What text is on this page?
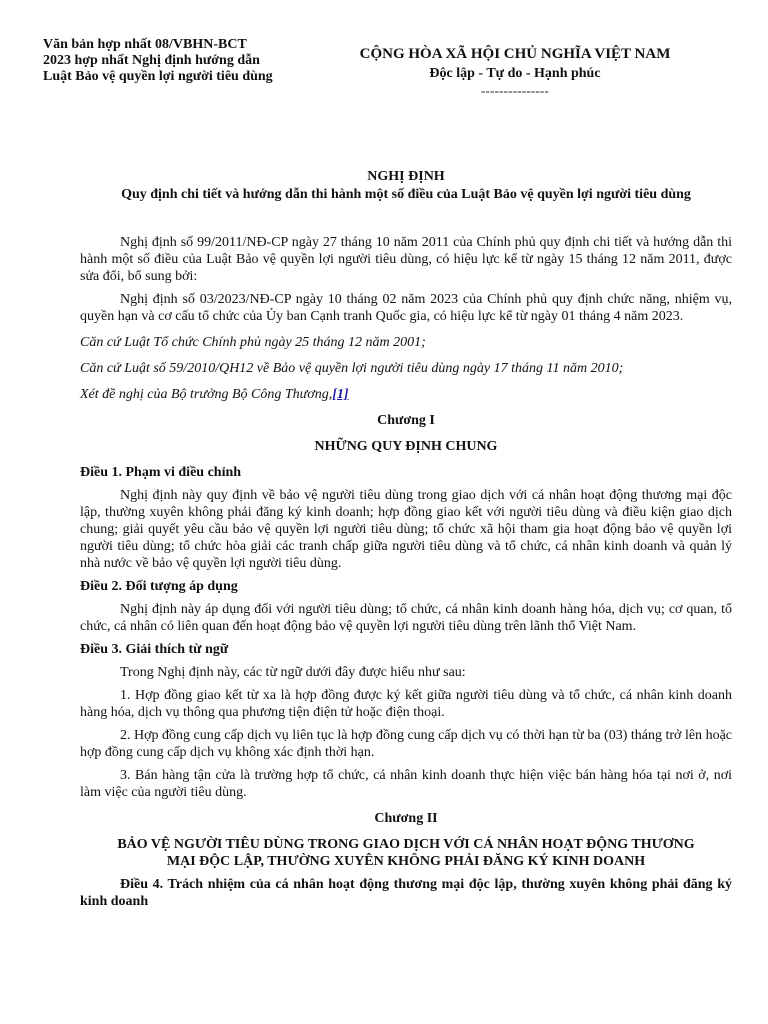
Văn bản hợp nhất 08/VBHN-BCT
2023 hợp nhất Nghị định hướng dẫn
Luật Bảo vệ quyền lợi người tiêu dùng
CỘNG HÒA XÃ HỘI CHỦ NGHĨA VIỆT NAM
Độc lập - Tự do - Hạnh phúc
---------------
NGHỊ ĐỊNH
Quy định chi tiết và hướng dẫn thi hành một số điều của Luật Bảo vệ quyền lợi người tiêu dùng

Nghị định số 99/2011/NĐ-CP ngày 27 tháng 10 năm 2011 của Chính phủ quy định chi tiết và hướng dẫn thi hành một số điều của Luật Bảo vệ quyền lợi người tiêu dùng, có hiệu lực kể từ ngày 15 tháng 12 năm 2011, được sửa đổi, bổ sung bởi:

Nghị định số 03/2023/NĐ-CP ngày 10 tháng 02 năm 2023 của Chính phủ quy định chức năng, nhiệm vụ, quyền hạn và cơ cấu tổ chức của Ủy ban Cạnh tranh Quốc gia, có hiệu lực kể từ ngày 01 tháng 4 năm 2023.

Căn cứ Luật Tổ chức Chính phủ ngày 25 tháng 12 năm 2001;

Căn cứ Luật số 59/2010/QH12 về Bảo vệ quyền lợi người tiêu dùng ngày 17 tháng 11 năm 2010;

Xét đề nghị của Bộ trưởng Bộ Công Thương,[1]

Chương I

NHỮNG QUY ĐỊNH CHUNG

Điều 1. Phạm vi điều chỉnh

Nghị định này quy định về bảo vệ người tiêu dùng trong giao dịch với cá nhân hoạt động thương mại độc lập, thường xuyên không phải đăng ký kinh doanh; hợp đồng giao kết với người tiêu dùng và điều kiện giao dịch chung; giải quyết yêu cầu bảo vệ quyền lợi người tiêu dùng; tổ chức xã hội tham gia hoạt động bảo vệ quyền lợi người tiêu dùng; tổ chức hòa giải các tranh chấp giữa người tiêu dùng và tổ chức, cá nhân kinh doanh và quản lý nhà nước về bảo vệ quyền lợi người tiêu dùng.

Điều 2. Đối tượng áp dụng

Nghị định này áp dụng đối với người tiêu dùng; tổ chức, cá nhân kinh doanh hàng hóa, dịch vụ; cơ quan, tổ chức, cá nhân có liên quan đến hoạt động bảo vệ quyền lợi người tiêu dùng trên lãnh thổ Việt Nam.

Điều 3. Giải thích từ ngữ

Trong Nghị định này, các từ ngữ dưới đây được hiểu như sau:

1. Hợp đồng giao kết từ xa là hợp đồng được ký kết giữa người tiêu dùng và tổ chức, cá nhân kinh doanh hàng hóa, dịch vụ thông qua phương tiện điện tử hoặc điện thoại.

2. Hợp đồng cung cấp dịch vụ liên tục là hợp đồng cung cấp dịch vụ có thời hạn từ ba (03) tháng trở lên hoặc hợp đồng cung cấp dịch vụ không xác định thời hạn.

3. Bán hàng tận cửa là trường hợp tổ chức, cá nhân kinh doanh thực hiện việc bán hàng hóa tại nơi ở, nơi làm việc của người tiêu dùng.

Chương II

BẢO VỆ NGƯỜI TIÊU DÙNG TRONG GIAO DỊCH VỚI CÁ NHÂN HOẠT ĐỘNG THƯƠNG
MẠI ĐỘC LẬP, THƯỜNG XUYÊN KHÔNG PHẢI ĐĂNG KÝ KINH DOANH

Điều 4. Trách nhiệm của cá nhân hoạt động thương mại độc lập, thường xuyên không phải đăng ký kinh doanh
